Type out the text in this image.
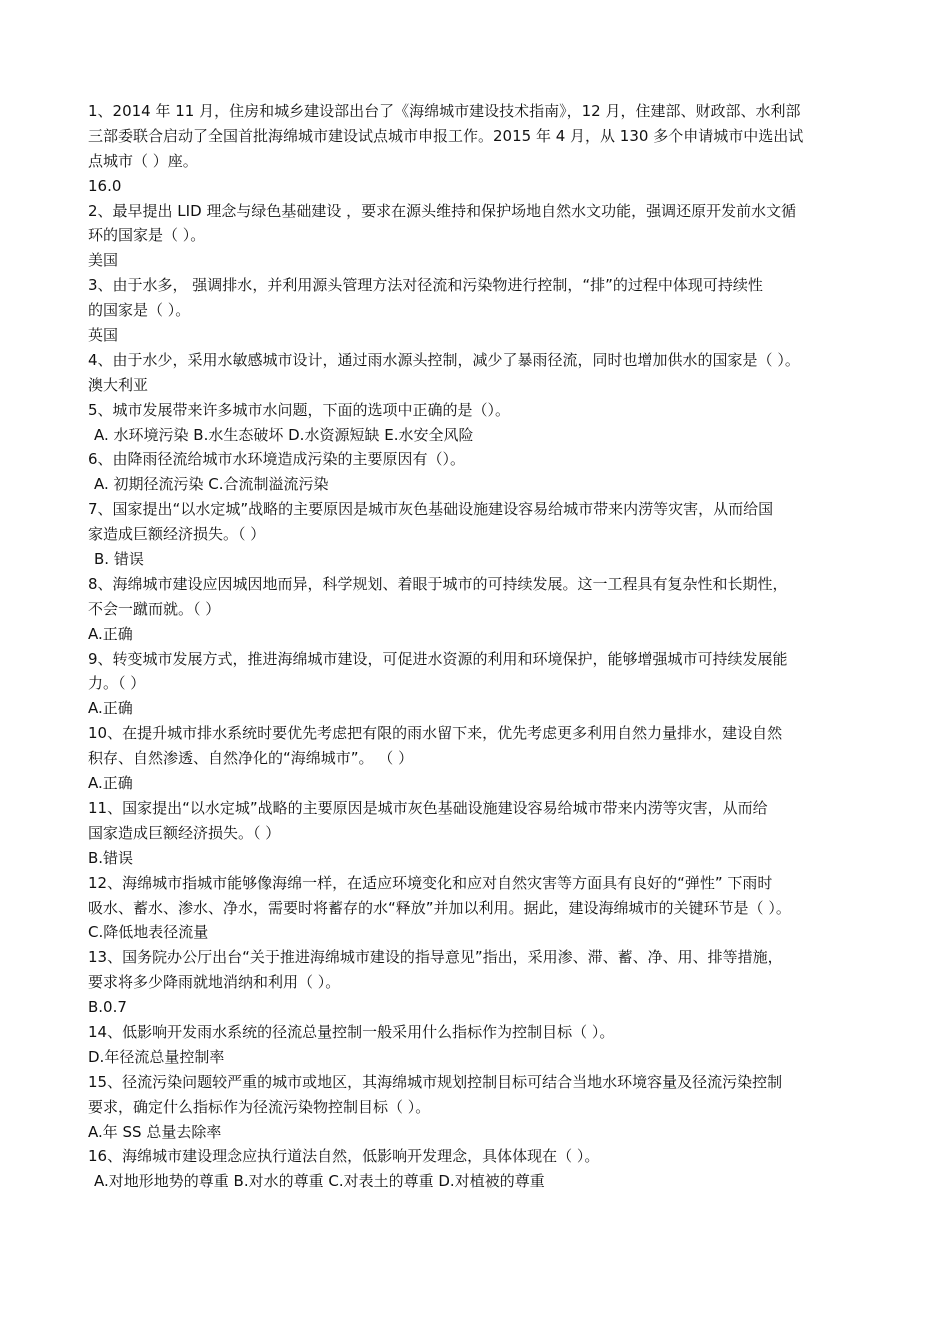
1、2014 年 11 月，住房和城乡建设部出台了《海绵城市建设技术指南》，12 月，住建部、财政部、水利部
三部委联合启动了全国首批海绵城市建设试点城市申报工作。2015 年 4 月，从 130 多个申请城市中选出试
点城市（ ）座。
16.0
2、最早提出 LID 理念与绿色基础建设 ，要求在源头维持和保护场地自然水文功能，强调还原开发前水文循
环的国家是（ ）。
美国
3、由于水多， 强调排水，并利用源头管理方法对径流和污染物进行控制，“排”的过程中体现可持续性
的国家是（ ）。
英国
4、由于水少，采用水敏感城市设计，通过雨水源头控制，减少了暴雨径流，同时也增加供水的国家是（ ）。
澳大利亚
5、城市发展带来许多城市水问题，下面的选项中正确的是（）。
A. 水环境污染 B.水生态破坏 D.水资源短缺 E.水安全风险
6、由降雨径流给城市水环境造成污染的主要原因有（）。
A. 初期径流污染 C.合流制溢流污染
7、国家提出“以水定城”战略的主要原因是城市灰色基础设施建设容易给城市带来内涝等灾害，从而给国
家造成巨额经济损失。（ ）
B. 错误
8、海绵城市建设应因城因地而异，科学规划、着眼于城市的可持续发展。这一工程具有复杂性和长期性，
不会一蹴而就。（ ）
A.正确
9、转变城市发展方式，推进海绵城市建设，可促进水资源的利用和环境保护，能够增强城市可持续发展能
力。（ ）
A.正确
10、在提升城市排水系统时要优先考虑把有限的雨水留下来，优先考虑更多利用自然力量排水，建设自然
积存、自然渗透、自然净化的“海绵城市”。 （ ）
A.正确
11、国家提出“以水定城”战略的主要原因是城市灰色基础设施建设容易给城市带来内涝等灾害，从而给
国家造成巨额经济损失。（ ）
B.错误
12、海绵城市指城市能够像海绵一样，在适应环境变化和应对自然灾害等方面具有良好的“弹性” 下雨时
吸水、蓄水、渗水、净水，需要时将蓄存的水“释放”并加以利用。据此，建设海绵城市的关键环节是（ ）。
C.降低地表径流量
13、国务院办公厅出台“关于推进海绵城市建设的指导意见”指出，采用渗、滞、蓄、净、用、排等措施，
要求将多少降雨就地消纳和利用（ ）。
B.0.7
14、低影响开发雨水系统的径流总量控制一般采用什么指标作为控制目标（ ）。
D.年径流总量控制率
15、径流污染问题较严重的城市或地区，其海绵城市规划控制目标可结合当地水环境容量及径流污染控制
要求，确定什么指标作为径流污染物控制目标（ ）。
A.年 SS 总量去除率
16、海绵城市建设理念应执行道法自然，低影响开发理念，具体体现在（ ）。
A.对地形地势的尊重 B.对水的尊重 C.对表土的尊重 D.对植被的尊重
